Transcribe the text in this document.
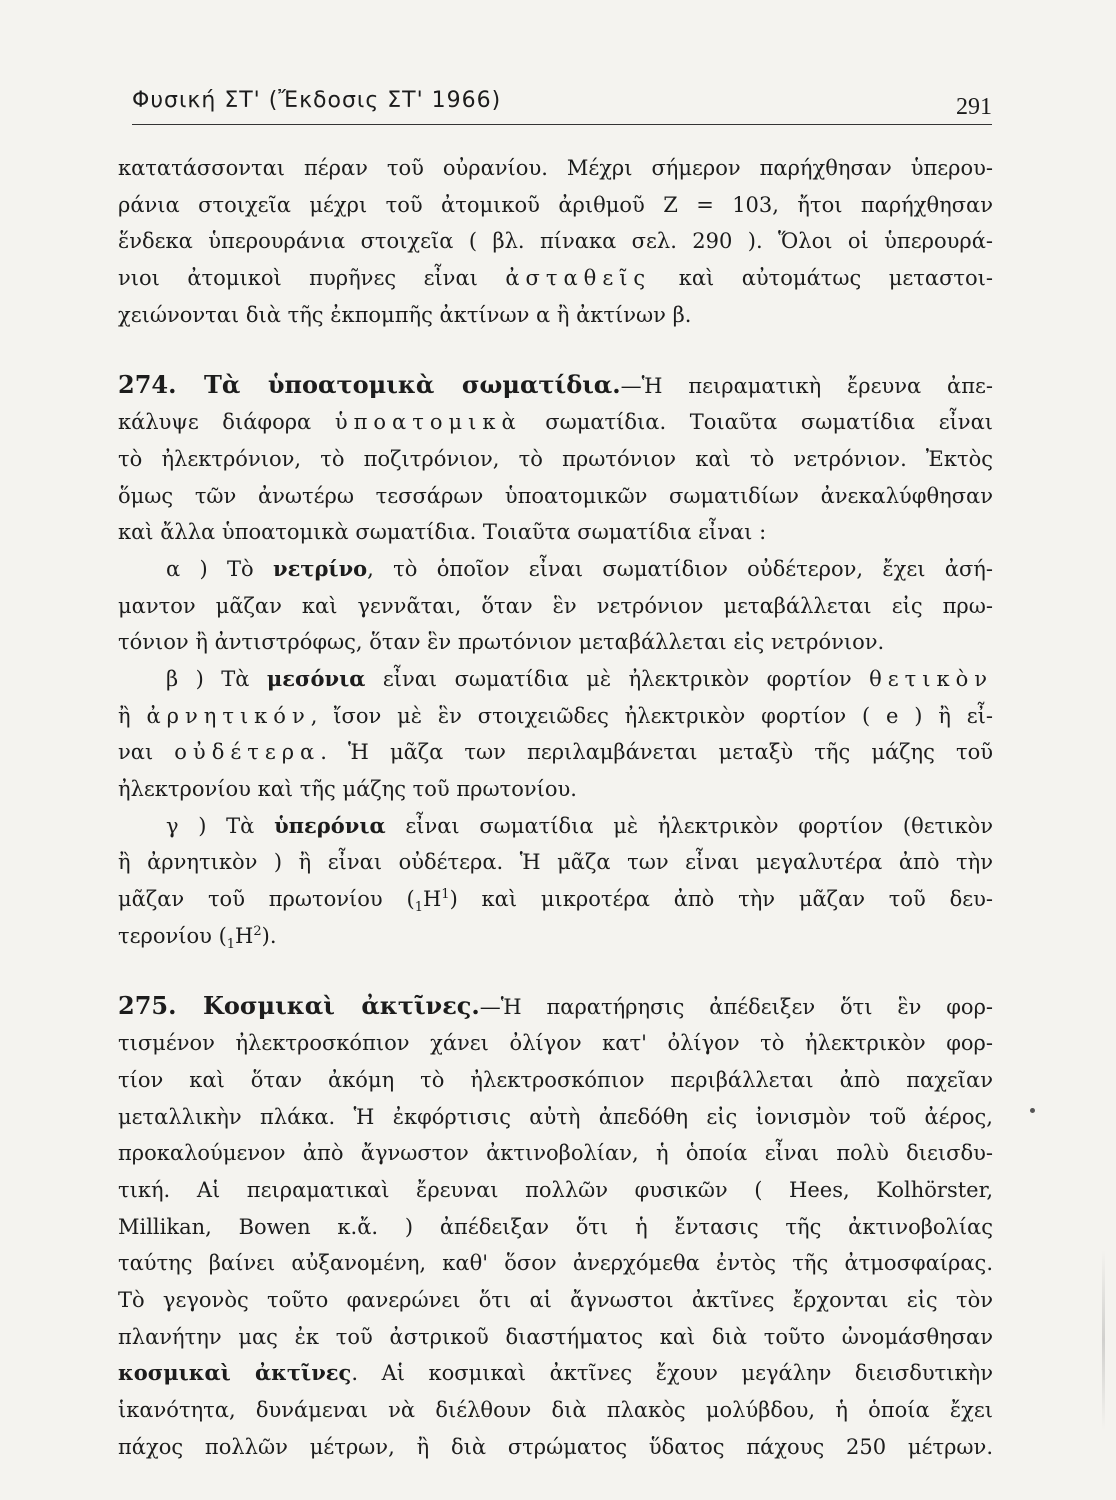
Φυσική ΣΤ' (Ἔκδοσις ΣΤ' 1966)	291
κατατάσσονται πέραν τοῦ οὐρανίου. Μέχρι σήμερον παρήχθησαν ὑπερου-
ράνια στοιχεῖα μέχρι τοῦ ἀτομικοῦ ἀριθμοῦ Z = 103, ἤτοι παρήχθησαν
ἕνδεκα ὑπερουράνια στοιχεῖα ( βλ. πίνακα σελ. 290 ). Ὅλοι οἱ ὑπερουρά-
νιοι ἀτομικοὶ πυρῆνες εἶναι ἀσταθεῖς καὶ αὐτομάτως μεταστοι-
χειώνονται διὰ τῆς ἐκπομπῆς ἀκτίνων α ἢ ἀκτίνων β.
274. Τὰ ὑποατομικὰ σωματίδια.—Ἡ πειραματικὴ ἔρευνα ἀπε-
κάλυψε διάφορα ὑποατομικὰ σωματίδια. Τοιαῦτα σωματίδια εἶναι
τὸ ἠλεκτρόνιον, τὸ ποζιτρόνιον, τὸ πρωτόνιον καὶ τὸ νετρόνιον. Ἐκτὸς
ὅμως τῶν ἀνωτέρω τεσσάρων ὑποατομικῶν σωματιδίων ἀνεκαλύφθησαν
καὶ ἄλλα ὑποατομικὰ σωματίδια. Τοιαῦτα σωματίδια εἶναι :
α ) Τὸ νετρίνο, τὸ ὁποῖον εἶναι σωματίδιον οὐδέτερον, ἔχει ἀσή-
μαντον μᾶζαν καὶ γεννᾶται, ὅταν ἓν νετρόνιον μεταβάλλεται εἰς πρω-
τόνιον ἢ ἀντιστρόφως, ὅταν ἓν πρωτόνιον μεταβάλλεται εἰς νετρόνιον.
β ) Τὰ μεσόνια εἶναι σωματίδια μὲ ἠλεκτρικὸν φορτίον θετικὸν
ἢ ἀρνητικόν, ἴσον μὲ ἓν στοιχειῶδες ἠλεκτρικὸν φορτίον ( e ) ἢ εἶ-
ναι οὐδέτερα. Ἡ μᾶζα των περιλαμβάνεται μεταξὺ τῆς μάζης τοῦ
ἠλεκτρονίου καὶ τῆς μάζης τοῦ πρωτονίου.
γ ) Τὰ ὑπερόνια εἶναι σωματίδια μὲ ἠλεκτρικὸν φορτίον (θετικὸν
ἢ ἀρνητικὸν ) ἢ εἶναι οὐδέτερα. Ἡ μᾶζα των εἶναι μεγαλυτέρα ἀπὸ τὴν
μᾶζαν τοῦ πρωτονίου $(_1H^1)$ καὶ μικροτέρα ἀπὸ τὴν μᾶζαν τοῦ δευ-
τερονίου $(_1H^2)$.
275. Κοσμικαὶ ἀκτῖνες.—Ἡ παρατήρησις ἀπέδειξεν ὅτι ἓν φορ-
τισμένον ἠλεκτροσκόπιον χάνει ὀλίγον κατ' ὀλίγον τὸ ἠλεκτρικὸν φορ-
τίον καὶ ὅταν ἀκόμη τὸ ἠλεκτροσκόπιον περιβάλλεται ἀπὸ παχεῖαν
μεταλλικὴν πλάκα. Ἡ ἐκφόρτισις αὐτὴ ἀπεδόθη εἰς ἰονισμὸν τοῦ ἀέρος,
προκαλούμενον ἀπὸ ἄγνωστον ἀκτινοβολίαν, ἡ ὁποία εἶναι πολὺ διεισδυ-
τική. Αἱ πειραματικαὶ ἔρευναι πολλῶν φυσικῶν ( Hees, Kolhörster,
Millikan, Bowen κ.ἄ. ) ἀπέδειξαν ὅτι ἡ ἔντασις τῆς ἀκτινοβολίας
ταύτης βαίνει αὐξανομένη, καθ' ὅσον ἀνερχόμεθα ἐντὸς τῆς ἀτμοσφαίρας.
Τὸ γεγονὸς τοῦτο φανερώνει ὅτι αἱ ἄγνωστοι ἀκτῖνες ἔρχονται εἰς τὸν
πλανήτην μας ἐκ τοῦ ἀστρικοῦ διαστήματος καὶ διὰ τοῦτο ὠνομάσθησαν
κοσμικαὶ ἀκτῖνες. Αἱ κοσμικαὶ ἀκτῖνες ἔχουν μεγάλην διεισδυτικὴν
ἱκανότητα, δυνάμεναι νὰ διέλθουν διὰ πλακὸς μολύβδου, ἡ ὁποία ἔχει
πάχος πολλῶν μέτρων, ἢ διὰ στρώματος ὕδατος πάχους 250 μέτρων.
